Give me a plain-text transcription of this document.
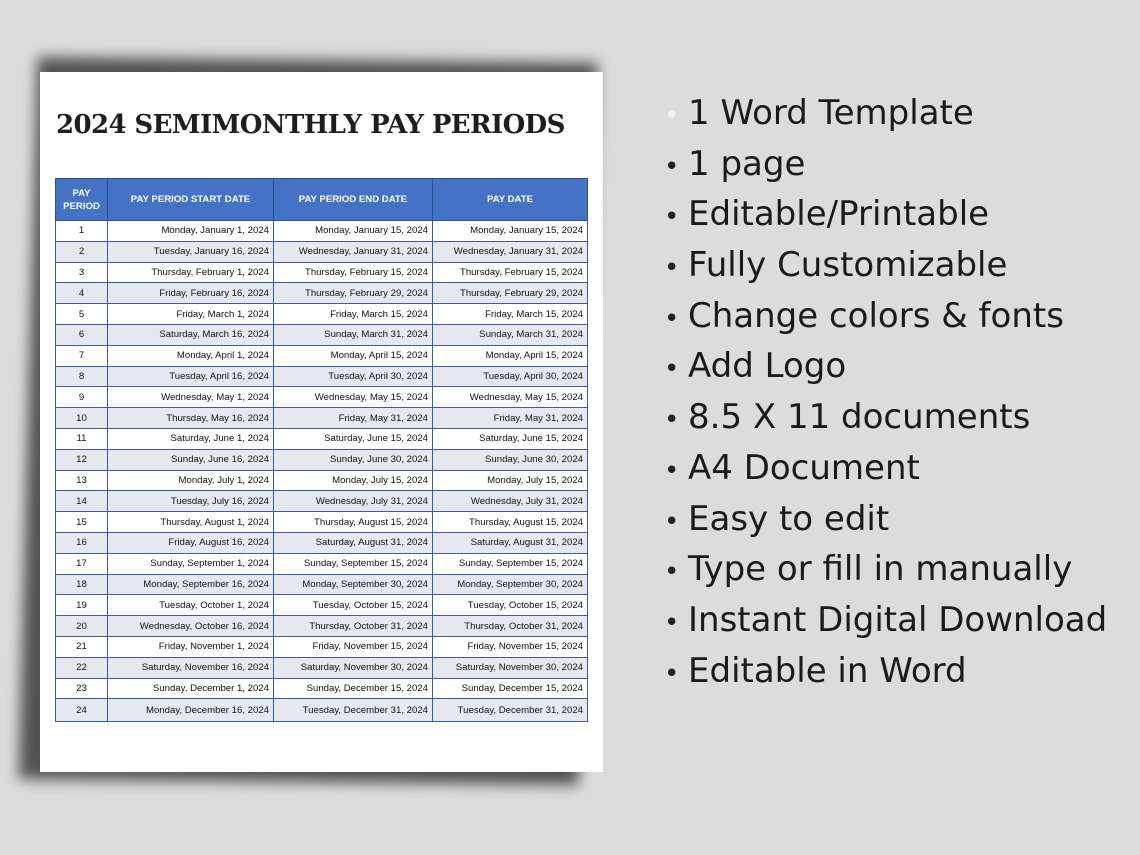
2024 SEMIMONTHLY PAY PERIODS
PAY PERIOD	PAY PERIOD START DATE	PAY PERIOD END DATE	PAY DATE
1	Monday, January 1, 2024	Monday, January 15, 2024	Monday, January 15, 2024
2	Tuesday, January 16, 2024	Wednesday, January 31, 2024	Wednesday, January 31, 2024
3	Thursday, February 1, 2024	Thursday, February 15, 2024	Thursday, February 15, 2024
4	Friday, February 16, 2024	Thursday, February 29, 2024	Thursday, February 29, 2024
5	Friday, March 1, 2024	Friday, March 15, 2024	Friday, March 15, 2024
6	Saturday, March 16, 2024	Sunday, March 31, 2024	Sunday, March 31, 2024
7	Monday, April 1, 2024	Monday, April 15, 2024	Monday, April 15, 2024
8	Tuesday, April 16, 2024	Tuesday, April 30, 2024	Tuesday, April 30, 2024
9	Wednesday, May 1, 2024	Wednesday, May 15, 2024	Wednesday, May 15, 2024
10	Thursday, May 16, 2024	Friday, May 31, 2024	Friday, May 31, 2024
11	Saturday, June 1, 2024	Saturday, June 15, 2024	Saturday, June 15, 2024
12	Sunday, June 16, 2024	Sunday, June 30, 2024	Sunday, June 30, 2024
13	Monday, July 1, 2024	Monday, July 15, 2024	Monday, July 15, 2024
14	Tuesday, July 16, 2024	Wednesday, July 31, 2024	Wednesday, July 31, 2024
15	Thursday, August 1, 2024	Thursday, August 15, 2024	Thursday, August 15, 2024
16	Friday, August 16, 2024	Saturday, August 31, 2024	Saturday, August 31, 2024
17	Sunday, September 1, 2024	Sunday, September 15, 2024	Sunday, September 15, 2024
18	Monday, September 16, 2024	Monday, September 30, 2024	Monday, September 30, 2024
19	Tuesday, October 1, 2024	Tuesday, October 15, 2024	Tuesday, October 15, 2024
20	Wednesday, October 16, 2024	Thursday, October 31, 2024	Thursday, October 31, 2024
21	Friday, November 1, 2024	Friday, November 15, 2024	Friday, November 15, 2024
22	Saturday, November 16, 2024	Saturday, November 30, 2024	Saturday, November 30, 2024
23	Sunday, December 1, 2024	Sunday, December 15, 2024	Sunday, December 15, 2024
24	Monday, December 16, 2024	Tuesday, December 31, 2024	Tuesday, December 31, 2024
• 1 Word Template
• 1 page
• Editable/Printable
• Fully Customizable
• Change colors & fonts
• Add Logo
• 8.5 X 11 documents
• A4 Document
• Easy to edit
• Type or fill in manually
• Instant Digital Download
• Editable in Word
